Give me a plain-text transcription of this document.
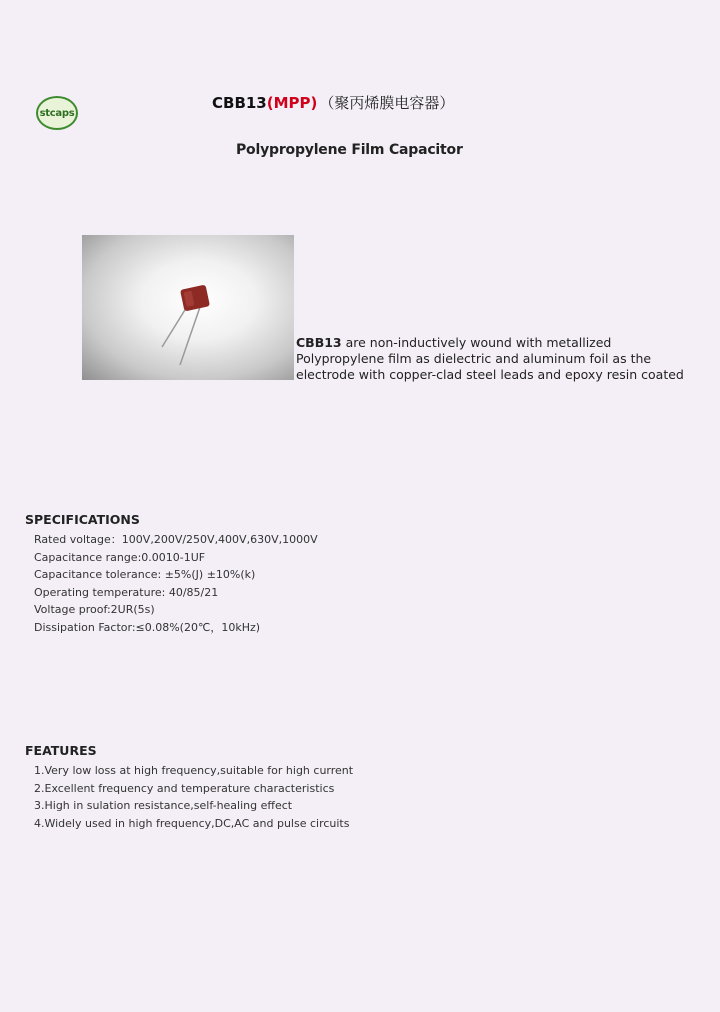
stcaps
CBB13(MPP) （聚丙烯膜电容器）
Polypropylene Film Capacitor
CBB13 are non-inductively wound with metallized Polypropylene film as dielectric and aluminum foil as the electrode with copper-clad steel leads and epoxy resin coated
SPECIFICATIONS
Rated voltage：100V,200V/250V,400V,630V,1000V
Capacitance range:0.0010-1UF
Capacitance tolerance: ±5%(J) ±10%(k)
Operating temperature: 40/85/21
Voltage proof:2UR(5s)
Dissipation Factor:≤0.08%(20℃，10kHz)
FEATURES
1.Very low loss at high frequency,suitable for high current
2.Excellent frequency and temperature characteristics
3.High in sulation resistance,self-healing effect
4.Widely used in high frequency,DC,AC and pulse circuits
